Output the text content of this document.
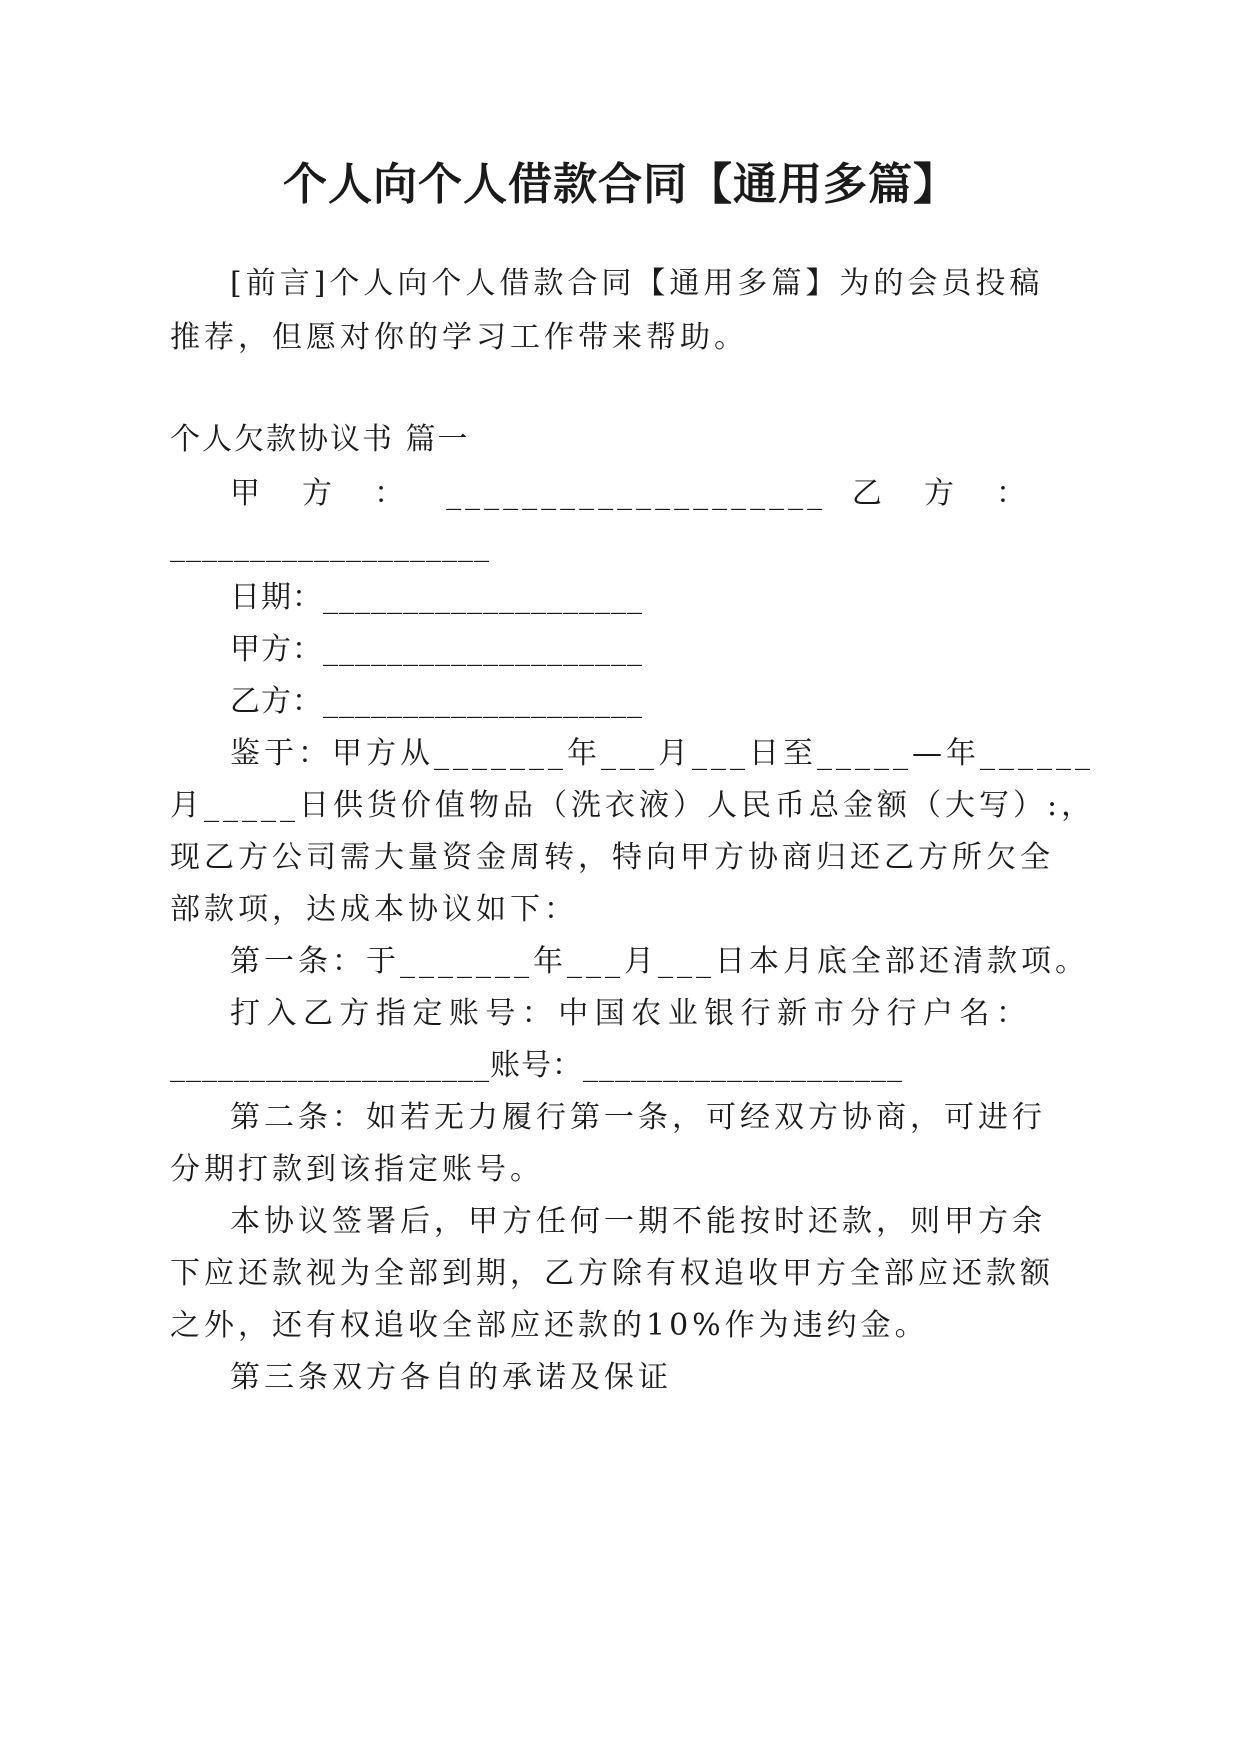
个人向个人借款合同【通用多篇】
[前言]个人向个人借款合同【通用多篇】为的会员投稿
推荐，但愿对你的学习工作带来帮助。
个人欠款协议书 篇一
甲 方 ： ____________________ 乙 方 ：
____________________
日期：____________________
甲方：____________________
乙方：____________________
鉴于：甲方从_______年___月___日至_____—年______
月_____日供货价值物品（洗衣液）人民币总金额（大写）:，
现乙方公司需大量资金周转，特向甲方协商归还乙方所欠全
部款项，达成本协议如下：
第一条：于_______年___月___日本月底全部还清款项。
打入乙方指定账号：中国农业银行新市分行户名：
____________________账号：____________________
第二条：如若无力履行第一条，可经双方协商，可进行
分期打款到该指定账号。
本协议签署后，甲方任何一期不能按时还款，则甲方余
下应还款视为全部到期，乙方除有权追收甲方全部应还款额
之外，还有权追收全部应还款的10%作为违约金。
第三条双方各自的承诺及保证
